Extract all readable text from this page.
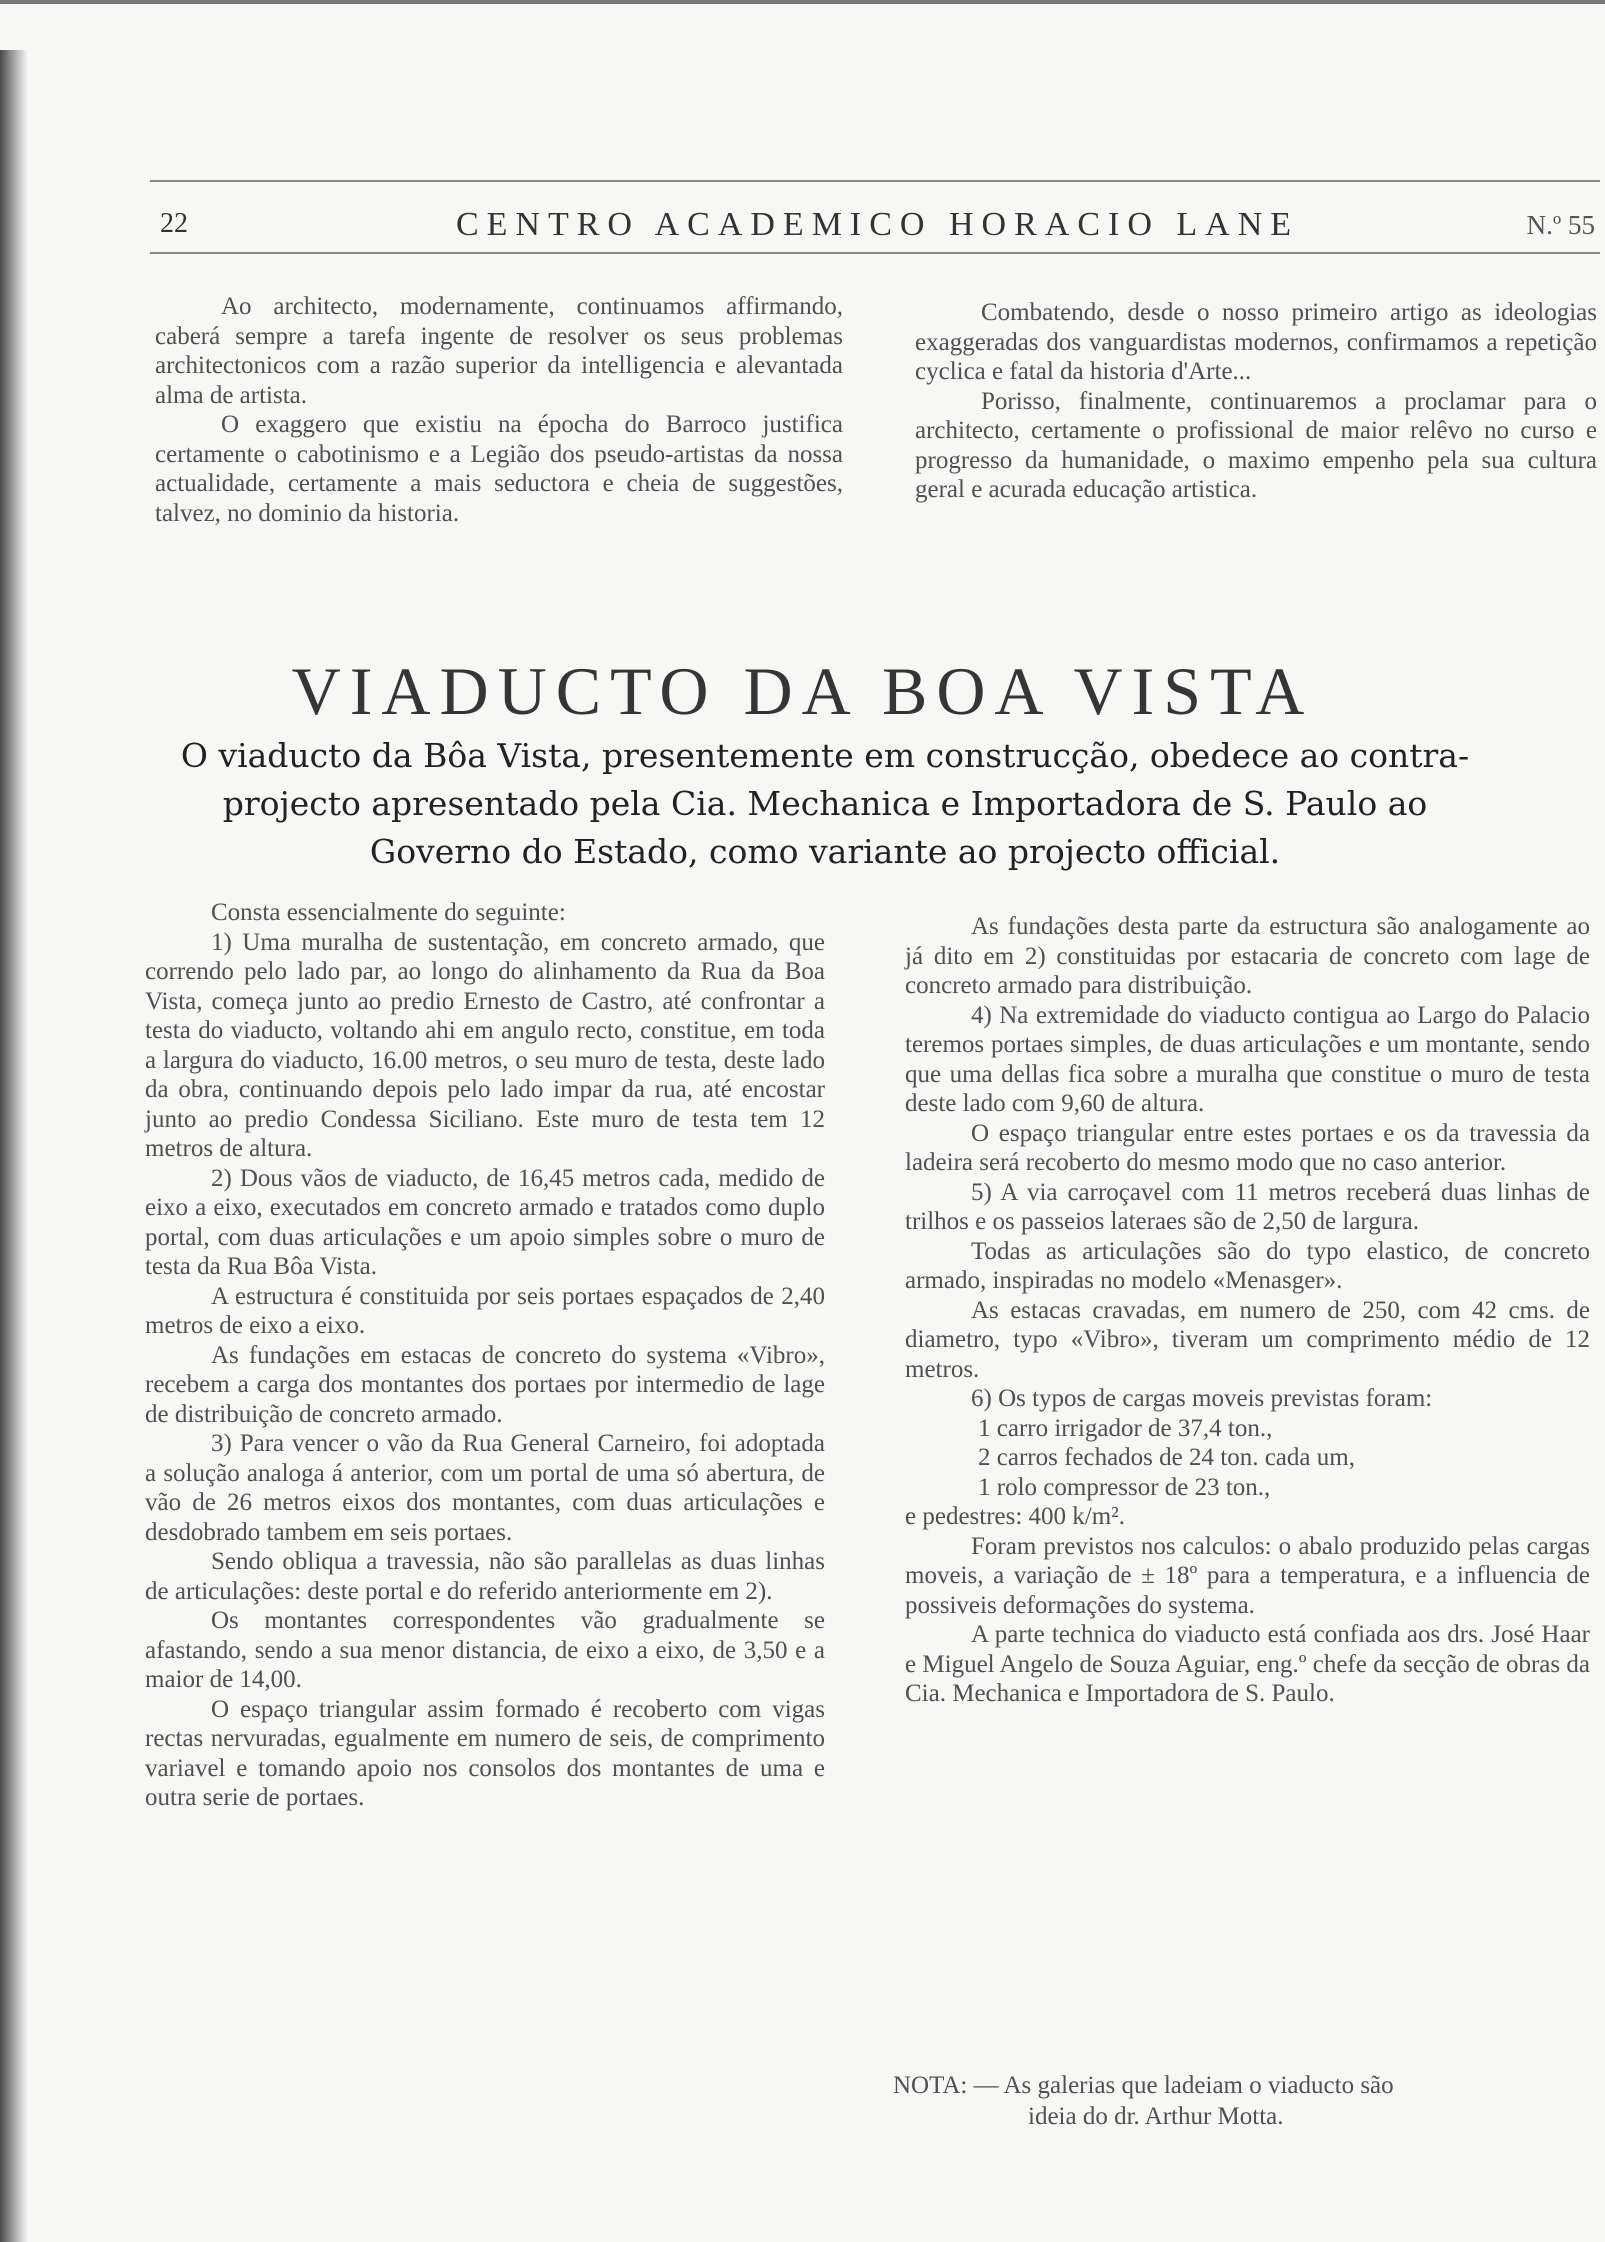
22	CENTRO ACADEMICO HORACIO LANE	N.º 55

Ao architecto, modernamente, continuamos affirmando, caberá sempre a tarefa ingente de resolver os seus problemas architectonicos com a razão superior da intelligencia e alevantada alma de artista.

O exaggero que existiu na épocha do Barroco justifica certamente o cabotinismo e a Legião dos pseudo-artistas da nossa actualidade, certamente a mais seductora e cheia de suggestões, talvez, no dominio da historia.

Combatendo, desde o nosso primeiro artigo as ideologias exaggeradas dos vanguardistas modernos, confirmamos a repetição cyclica e fatal da historia d'Arte...

Porisso, finalmente, continuaremos a proclamar para o architecto, certamente o profissional de maior relêvo no curso e progresso da humanidade, o maximo empenho pela sua cultura geral e acurada educação artistica.

VIADUCTO DA BOA VISTA
O viaducto da Bôa Vista, presentemente em construcção, obedece ao contra-projecto apresentado pela Cia. Mechanica e Importadora de S. Paulo ao Governo do Estado, como variante ao projecto official.

Consta essencialmente do seguinte:

1) Uma muralha de sustentação, em concreto armado, que correndo pelo lado par, ao longo do alinhamento da Rua da Boa Vista, começa junto ao predio Ernesto de Castro, até confrontar a testa do viaducto, voltando ahi em angulo recto, constitue, em toda a largura do viaducto, 16.00 metros, o seu muro de testa, deste lado da obra, continuando depois pelo lado impar da rua, até encostar junto ao predio Condessa Siciliano. Este muro de testa tem 12 metros de altura.

2) Dous vãos de viaducto, de 16,45 metros cada, medido de eixo a eixo, executados em concreto armado e tratados como duplo portal, com duas articulações e um apoio simples sobre o muro de testa da Rua Bôa Vista.

A estructura é constituida por seis portaes espaçados de 2,40 metros de eixo a eixo.

As fundações em estacas de concreto do systema «Vibro», recebem a carga dos montantes dos portaes por intermedio de lage de distribuição de concreto armado.

3) Para vencer o vão da Rua General Carneiro, foi adoptada a solução analoga á anterior, com um portal de uma só abertura, de vão de 26 metros eixos dos montantes, com duas articulações e desdobrado tambem em seis portaes.

Sendo obliqua a travessia, não são parallelas as duas linhas de articulações: deste portal e do referido anteriormente em 2).

Os montantes correspondentes vão gradualmente se afastando, sendo a sua menor distancia, de eixo a eixo, de 3,50 e a maior de 14,00.

O espaço triangular assim formado é recoberto com vigas rectas nervuradas, egualmente em numero de seis, de comprimento variavel e tomando apoio nos consolos dos montantes de uma e outra serie de portaes.

As fundações desta parte da estructura são analogamente ao já dito em 2) constituidas por estacaria de concreto com lage de concreto armado para distribuição.

4) Na extremidade do viaducto contigua ao Largo do Palacio teremos portaes simples, de duas articulações e um montante, sendo que uma dellas fica sobre a muralha que constitue o muro de testa deste lado com 9,60 de altura.

O espaço triangular entre estes portaes e os da travessia da ladeira será recoberto do mesmo modo que no caso anterior.

5) A via carroçavel com 11 metros receberá duas linhas de trilhos e os passeios lateraes são de 2,50 de largura.

Todas as articulações são do typo elastico, de concreto armado, inspiradas no modelo «Menasger».

As estacas cravadas, em numero de 250, com 42 cms. de diametro, typo «Vibro», tiveram um comprimento médio de 12 metros.

6) Os typos de cargas moveis previstas foram:

1 carro irrigador de 37,4 ton.,

2 carros fechados de 24 ton. cada um,

1 rolo compressor de 23 ton.,

e pedestres: 400 k/m².

Foram previstos nos calculos: o abalo produzido pelas cargas moveis, a variação de ± 18º para a temperatura, e a influencia de possiveis deformações do systema.

A parte technica do viaducto está confiada aos drs. José Haar e Miguel Angelo de Souza Aguiar, eng.º chefe da secção de obras da Cia. Mechanica e Importadora de S. Paulo.

NOTA: — As galerias que ladeiam o viaducto são
ideia do dr. Arthur Motta.
